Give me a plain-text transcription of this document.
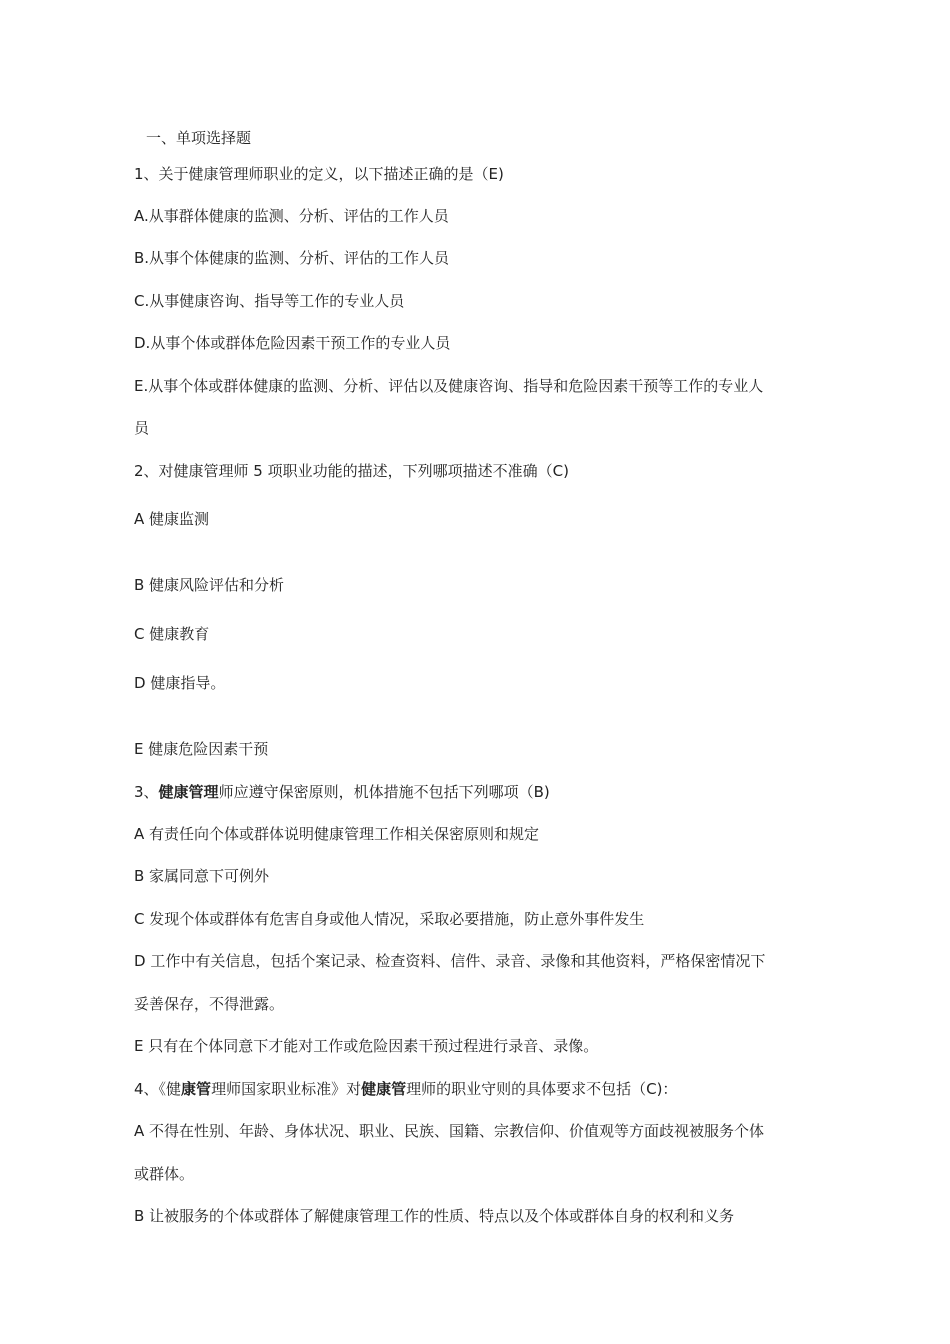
一、单项选择题
1、关于健康管理师职业的定义，以下描述正确的是（E)
A.从事群体健康的监测、分析、评估的工作人员
B.从事个体健康的监测、分析、评估的工作人员
C.从事健康咨询、指导等工作的专业人员
D.从事个体或群体危险因素干预工作的专业人员
E.从事个体或群体健康的监测、分析、评估以及健康咨询、指导和危险因素干预等工作的专业人
员
2、对健康管理师 5 项职业功能的描述，下列哪项描述不准确（C)
A 健康监测
B 健康风险评估和分析
C 健康教育
D 健康指导。
E 健康危险因素干预
3、健康管理师应遵守保密原则，机体措施不包括下列哪项（B)
A 有责任向个体或群体说明健康管理工作相关保密原则和规定
B 家属同意下可例外
C 发现个体或群体有危害自身或他人情况，采取必要措施，防止意外事件发生
D 工作中有关信息，包括个案记录、检查资料、信件、录音、录像和其他资料，严格保密情况下
妥善保存，不得泄露。
E 只有在个体同意下才能对工作或危险因素干预过程进行录音、录像。
4、《健康管理师国家职业标准》对健康管理师的职业守则的具体要求不包括（C)：
A 不得在性别、年龄、身体状况、职业、民族、国籍、宗教信仰、价值观等方面歧视被服务个体
或群体。
B 让被服务的个体或群体了解健康管理工作的性质、特点以及个体或群体自身的权利和义务
